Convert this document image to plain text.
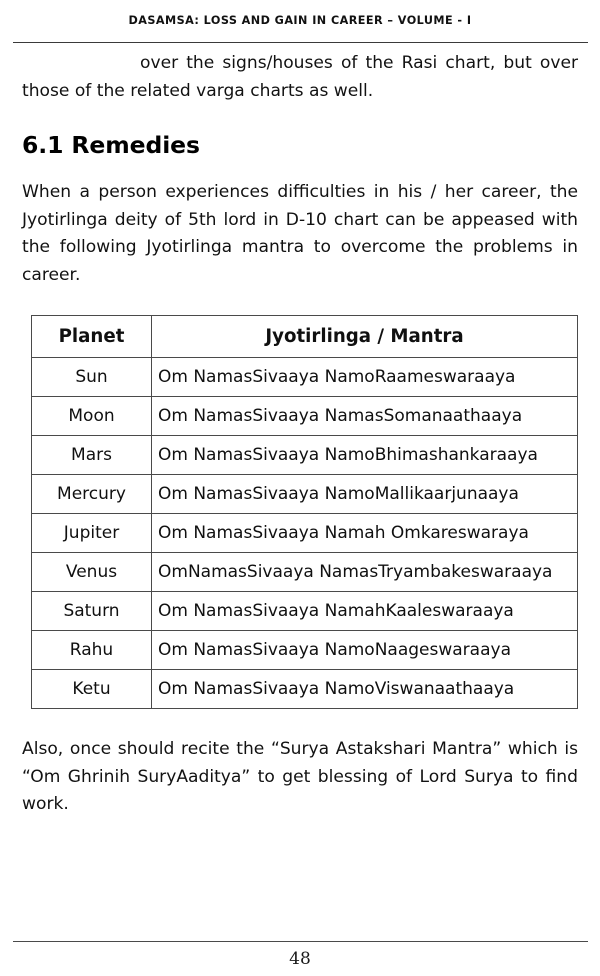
DASAMSA: LOSS AND GAIN IN CAREER – VOLUME - I

over the signs/houses of the Rasi chart, but over those of the related varga charts as well.

6.1 Remedies

When a person experiences difficulties in his / her career, the Jyotirlinga deity of 5th lord in D-10 chart can be appeased with the following Jyotirlinga mantra to overcome the problems in career.

Planet	Jyotirlinga / Mantra
Sun	Om NamasSivaaya NamoRaameswaraaya
Moon	Om NamasSivaaya NamasSomanaathaaya
Mars	Om NamasSivaaya NamoBhimashankaraaya
Mercury	Om NamasSivaaya NamoMallikaarjunaaya
Jupiter	Om NamasSivaaya Namah Omkareswaraya
Venus	OmNamasSivaaya NamasTryambakeswaraaya
Saturn	Om NamasSivaaya NamahKaaleswaraaya
Rahu	Om NamasSivaaya NamoNaageswaraaya
Ketu	Om NamasSivaaya NamoViswanaathaaya

Also, once should recite the “Surya Astakshari Mantra” which is “Om Ghrinih SuryAaditya” to get blessing of Lord Surya to find work.

48
